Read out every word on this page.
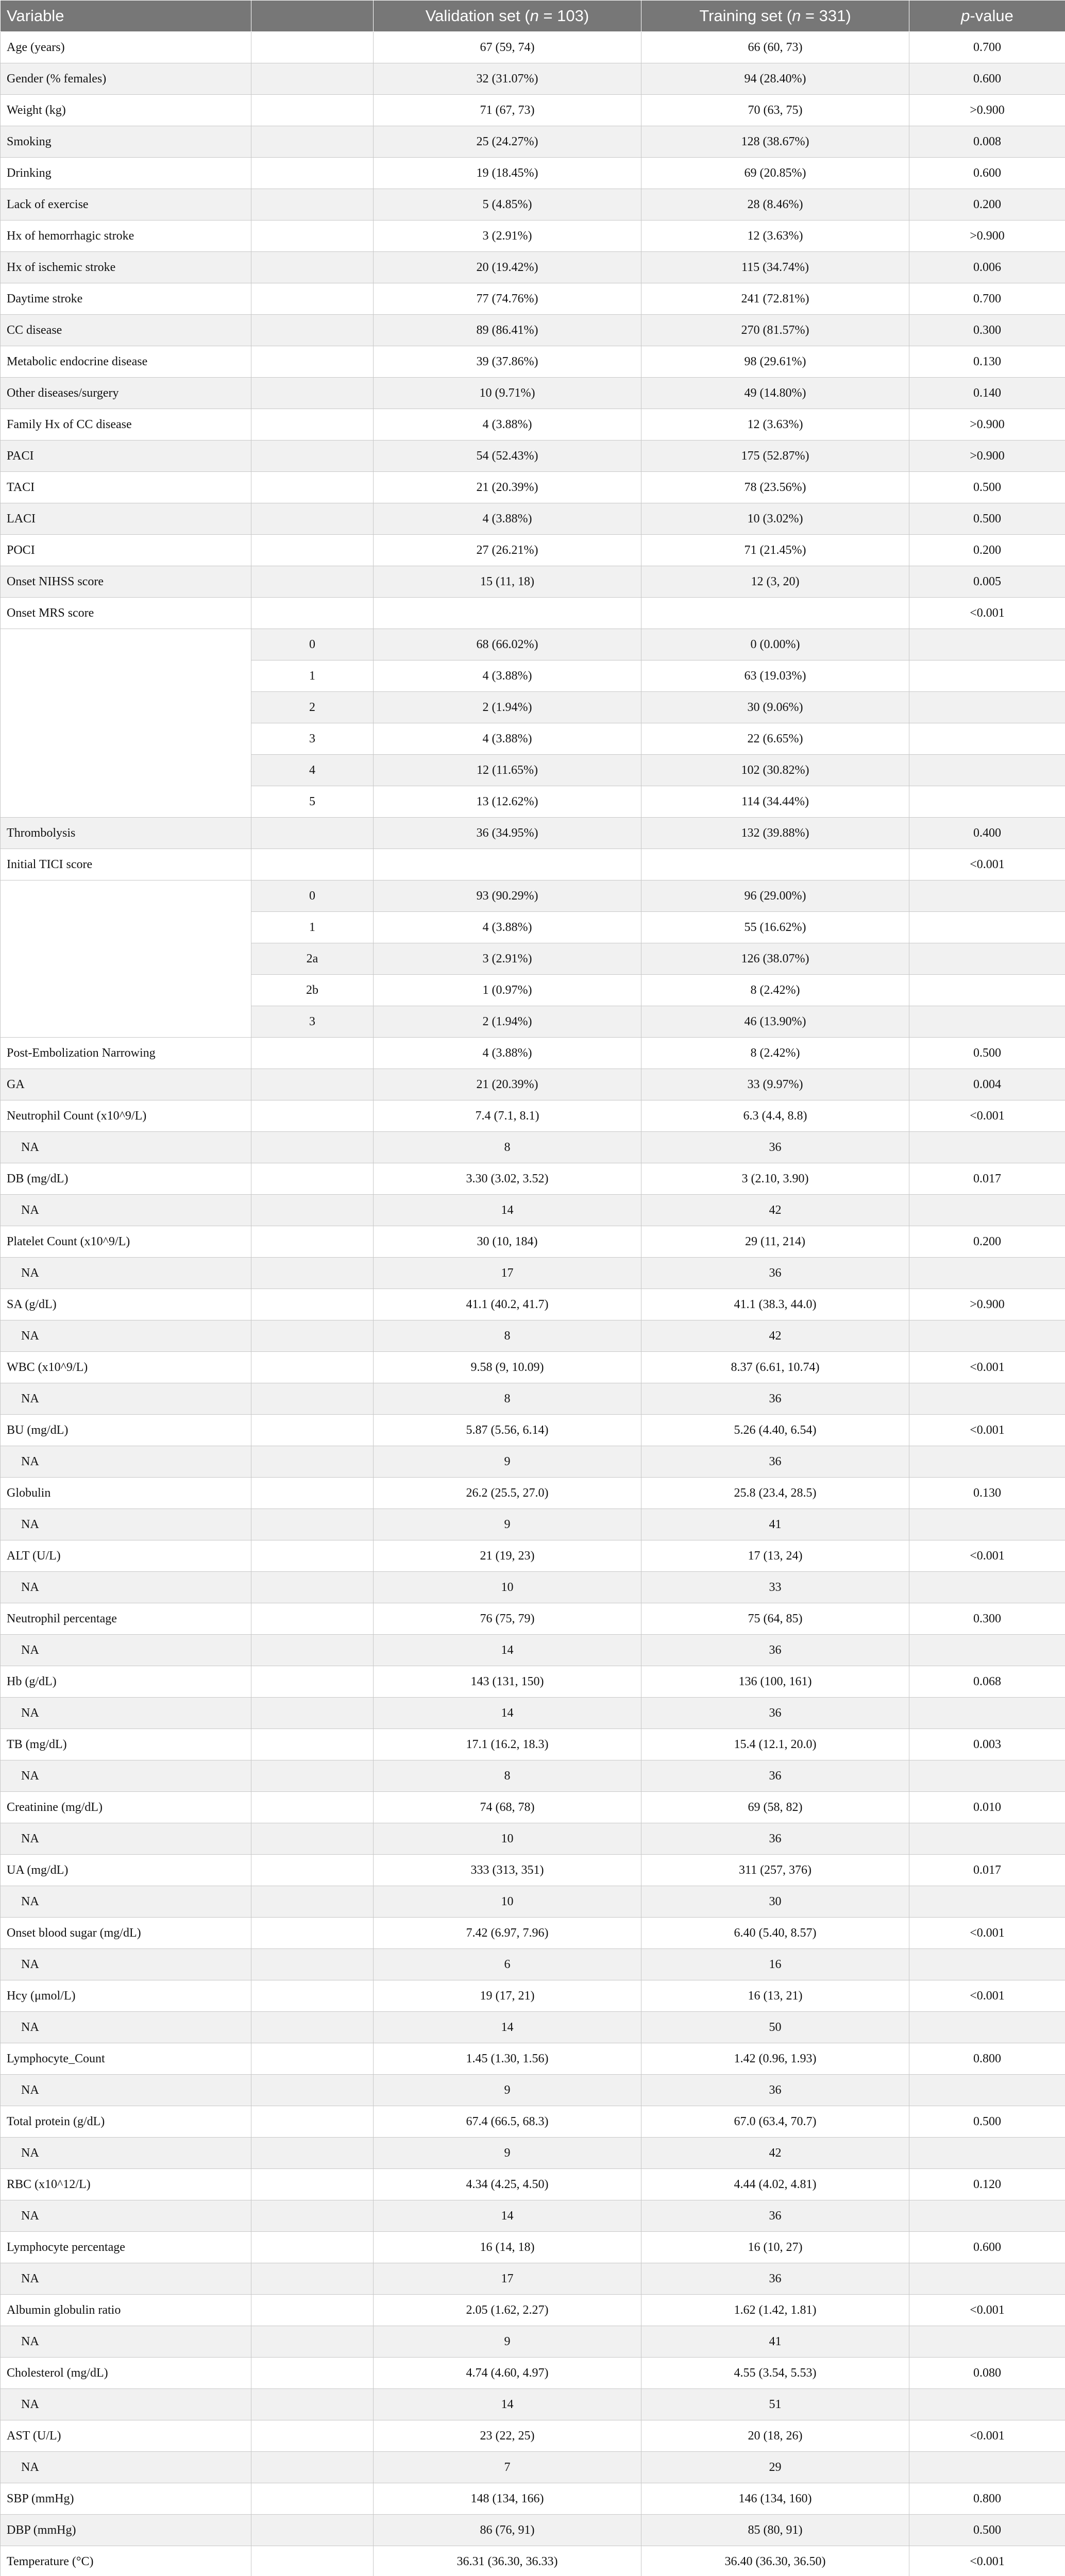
Variable		Validation set (n = 103)	Training set (n = 331)	p-value
Age (years)		67 (59, 74)	66 (60, 73)	0.700
Gender (% females)		32 (31.07%)	94 (28.40%)	0.600
Weight (kg)		71 (67, 73)	70 (63, 75)	>0.900
Smoking		25 (24.27%)	128 (38.67%)	0.008
Drinking		19 (18.45%)	69 (20.85%)	0.600
Lack of exercise		5 (4.85%)	28 (8.46%)	0.200
Hx of hemorrhagic stroke		3 (2.91%)	12 (3.63%)	>0.900
Hx of ischemic stroke		20 (19.42%)	115 (34.74%)	0.006
Daytime stroke		77 (74.76%)	241 (72.81%)	0.700
CC disease		89 (86.41%)	270 (81.57%)	0.300
Metabolic endocrine disease		39 (37.86%)	98 (29.61%)	0.130
Other diseases/surgery		10 (9.71%)	49 (14.80%)	0.140
Family Hx of CC disease		4 (3.88%)	12 (3.63%)	>0.900
PACI		54 (52.43%)	175 (52.87%)	>0.900
TACI		21 (20.39%)	78 (23.56%)	0.500
LACI		4 (3.88%)	10 (3.02%)	0.500
POCI		27 (26.21%)	71 (21.45%)	0.200
Onset NIHSS score		15 (11, 18)	12 (3, 20)	0.005
Onset MRS score				<0.001
	0	68 (66.02%)	0 (0.00%)	
	1	4 (3.88%)	63 (19.03%)	
	2	2 (1.94%)	30 (9.06%)	
	3	4 (3.88%)	22 (6.65%)	
	4	12 (11.65%)	102 (30.82%)	
	5	13 (12.62%)	114 (34.44%)	
Thrombolysis		36 (34.95%)	132 (39.88%)	0.400
Initial TICI score				<0.001
	0	93 (90.29%)	96 (29.00%)	
	1	4 (3.88%)	55 (16.62%)	
	2a	3 (2.91%)	126 (38.07%)	
	2b	1 (0.97%)	8 (2.42%)	
	3	2 (1.94%)	46 (13.90%)	
Post-Embolization Narrowing		4 (3.88%)	8 (2.42%)	0.500
GA		21 (20.39%)	33 (9.97%)	0.004
Neutrophil Count (x10^9/L)		7.4 (7.1, 8.1)	6.3 (4.4, 8.8)	<0.001
NA		8	36	
DB (mg/dL)		3.30 (3.02, 3.52)	3 (2.10, 3.90)	0.017
NA		14	42	
Platelet Count (x10^9/L)		30 (10, 184)	29 (11, 214)	0.200
NA		17	36	
SA (g/dL)		41.1 (40.2, 41.7)	41.1 (38.3, 44.0)	>0.900
NA		8	42	
WBC (x10^9/L)		9.58 (9, 10.09)	8.37 (6.61, 10.74)	<0.001
NA		8	36	
BU (mg/dL)		5.87 (5.56, 6.14)	5.26 (4.40, 6.54)	<0.001
NA		9	36	
Globulin		26.2 (25.5, 27.0)	25.8 (23.4, 28.5)	0.130
NA		9	41	
ALT (U/L)		21 (19, 23)	17 (13, 24)	<0.001
NA		10	33	
Neutrophil percentage		76 (75, 79)	75 (64, 85)	0.300
NA		14	36	
Hb (g/dL)		143 (131, 150)	136 (100, 161)	0.068
NA		14	36	
TB (mg/dL)		17.1 (16.2, 18.3)	15.4 (12.1, 20.0)	0.003
NA		8	36	
Creatinine (mg/dL)		74 (68, 78)	69 (58, 82)	0.010
NA		10	36	
UA (mg/dL)		333 (313, 351)	311 (257, 376)	0.017
NA		10	30	
Onset blood sugar (mg/dL)		7.42 (6.97, 7.96)	6.40 (5.40, 8.57)	<0.001
NA		6	16	
Hcy (μmol/L)		19 (17, 21)	16 (13, 21)	<0.001
NA		14	50	
Lymphocyte_Count		1.45 (1.30, 1.56)	1.42 (0.96, 1.93)	0.800
NA		9	36	
Total protein (g/dL)		67.4 (66.5, 68.3)	67.0 (63.4, 70.7)	0.500
NA		9	42	
RBC (x10^12/L)		4.34 (4.25, 4.50)	4.44 (4.02, 4.81)	0.120
NA		14	36	
Lymphocyte percentage		16 (14, 18)	16 (10, 27)	0.600
NA		17	36	
Albumin globulin ratio		2.05 (1.62, 2.27)	1.62 (1.42, 1.81)	<0.001
NA		9	41	
Cholesterol (mg/dL)		4.74 (4.60, 4.97)	4.55 (3.54, 5.53)	0.080
NA		14	51	
AST (U/L)		23 (22, 25)	20 (18, 26)	<0.001
NA		7	29	
SBP (mmHg)		148 (134, 166)	146 (134, 160)	0.800
DBP (mmHg)		86 (76, 91)	85 (80, 91)	0.500
Temperature (°C)		36.31 (36.30, 36.33)	36.40 (36.30, 36.50)	<0.001
